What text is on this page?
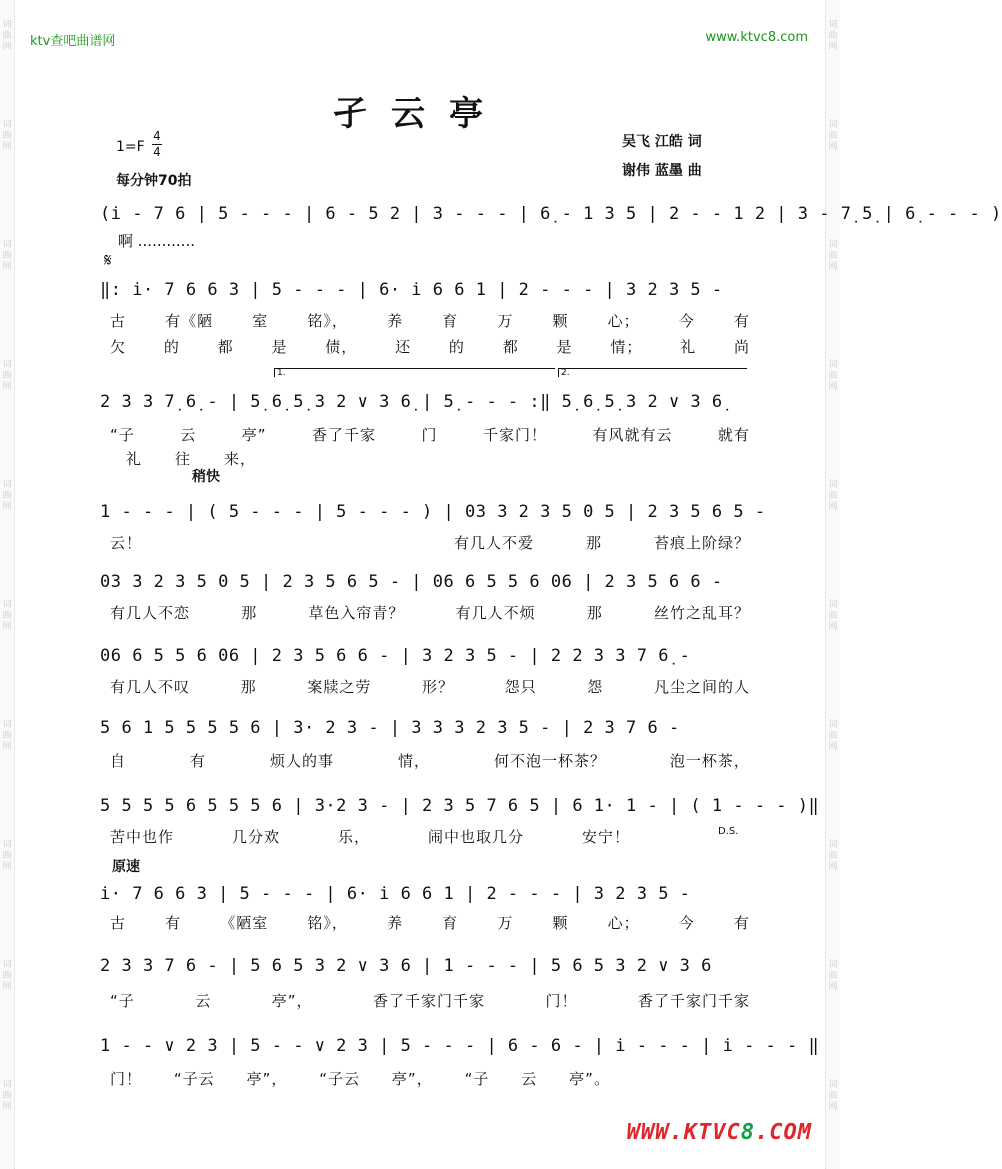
词曲网
词曲网
词曲网
词曲网
词曲网
词曲网
词曲网
词曲网
词曲网
词曲网
词曲网
词曲网
词曲网
词曲网
词曲网
词曲网
词曲网
词曲网
词曲网
词曲网
ktv查吧曲谱网	www.ktvc8.com
孑云亭
1=F
4
4
每分钟70拍
吴飞 江皓 词
谢伟 蓝墨 曲
(i̇ - 7 6 | 5 - - - | 6 - 5 2 | 3 - - - | 6̣ - 1 3 5 | 2 - - 1 2 | 3 - 7̣ 5̣ | 6̣ - - - )
啊 ............
𝄋
‖: i̇· 7 6 6 3 | 5 - - - | 6· i̇ 6 6 1 | 2 - - - | 3 2 3 5 -
古	有《陋	室	铭》，	养	育	万	颗	心；	今	有
欠	的	都	是	债，	还	的	都	是	情；	礼	尚
1.	2.
2 3 3 7̣ 6̣ - | 5̣ 6̣ 5̣ 3 2 ∨ 3 6̣ | 5̣ - - - :‖ 5̣ 6̣ 5̣ 3 2 ∨ 3 6̣
“子	云	亭”	香了千家	门	千家门！	有风就有云	就有
礼 往 来，
稍快
1 - - - | ( 5 - - - | 5 - - - ) | 03 3 2 3 5 0 5 | 2 3 5 6 5 -
云！	有几人不爱	那	苔痕上阶绿？
03 3 2 3 5 0 5 | 2 3 5 6 5 - | 06 6 5 5 6 06 | 2 3 5 6 6 -
有几人不恋	那	草色入帘青？	有几人不烦	那	丝竹之乱耳？
06 6 5 5 6 06 | 2 3 5 6 6 - | 3 2 3 5 - | 2 2 3 3 7 6̣ -
有几人不叹	那	案牍之劳	形？	怨只	怨	凡尘之间的人
5 6 1 5 5 5 5 6 | 3· 2 3 - | 3 3 3 2 3 5 - | 2 3 7 6 -
自	有	烦人的事	情，	何不泡一杯茶？	泡一杯茶，
5 5 5 5 6 5 5 5 6 | 3·2 3 - | 2 3 5 7 6 5 | 6 1· 1 - | ( 1 - - - )‖
苦中也作	几分欢	乐，	闹中也取几分	安宁！	D.S.
原速
i̇· 7 6 6 3 | 5 - - - | 6· i̇ 6 6 1 | 2 - - - | 3 2 3 5 -
古	有	《陋室	铭》，	养	育	万	颗	心；	今	有
2 3 3 7 6 - | 5 6 5 3 2 ∨ 3 6 | 1 - - - | 5 6 5 3 2 ∨ 3 6
“子	云	亭”，	香了千家门千家	门！	香了千家门千家
1 - - ∨ 2 3 | 5 - - ∨ 2 3 | 5 - - - | 6 - 6 - | i̇ - - - | i̇ - - - ‖
门！ “子云 亭”， “子云 亭”， “子 云 亭”。
WWW.KTVC8.COM
